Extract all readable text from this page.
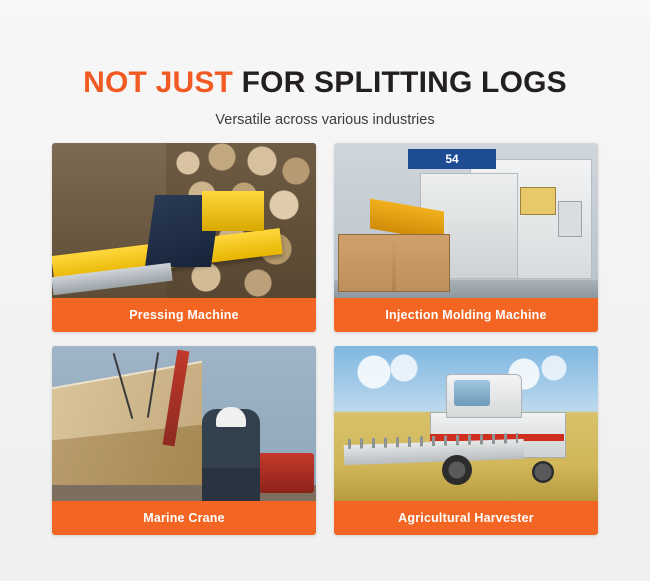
NOT JUST FOR SPLITTING LOGS

Versatile across various industries

Pressing Machine
54
Injection Molding Machine
Marine Crane	Agricultural Harvester
